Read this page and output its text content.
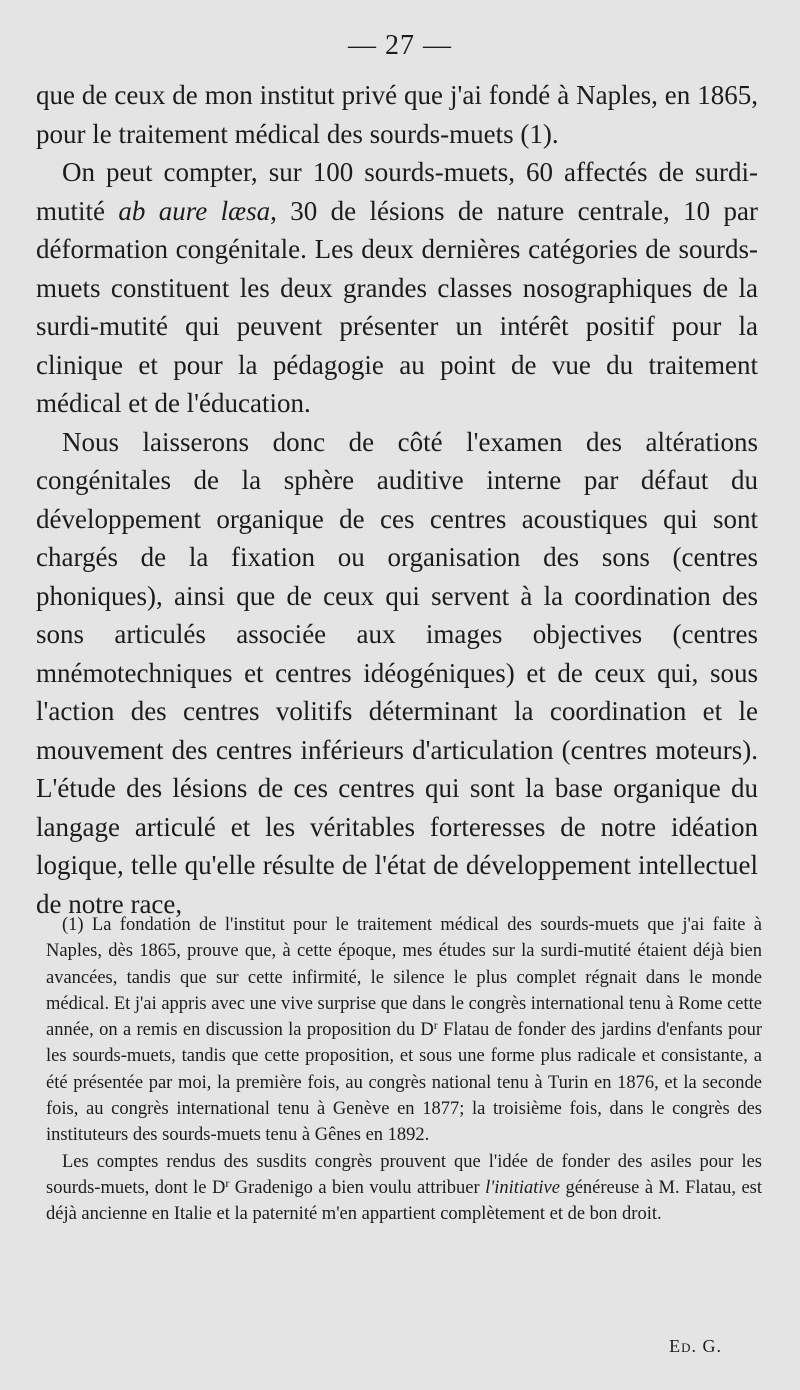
— 27 —

que de ceux de mon institut privé que j'ai fondé à Naples, en 1865, pour le traitement médical des sourds-muets (1).

On peut compter, sur 100 sourds-muets, 60 affectés de surdi-mutité ab aure læsa, 30 de lésions de nature centrale, 10 par déformation congénitale. Les deux dernières catégories de sourds-muets constituent les deux grandes classes nosographiques de la surdi-mutité qui peuvent présenter un intérêt positif pour la clinique et pour la pédagogie au point de vue du traitement médical et de l'éducation.

Nous laisserons donc de côté l'examen des altérations congénitales de la sphère auditive interne par défaut du développement organique de ces centres acoustiques qui sont chargés de la fixation ou organisation des sons (centres phoniques), ainsi que de ceux qui servent à la coordination des sons articulés associée aux images objectives (centres mnémotechniques et centres idéogéniques) et de ceux qui, sous l'action des centres volitifs déterminant la coordination et le mouvement des centres inférieurs d'articulation (centres moteurs). L'étude des lésions de ces centres qui sont la base organique du langage articulé et les véritables forteresses de notre idéation logique, telle qu'elle résulte de l'état de développement intellectuel de notre race,

(1) La fondation de l'institut pour le traitement médical des sourds-muets que j'ai faite à Naples, dès 1865, prouve que, à cette époque, mes études sur la surdi-mutité étaient déjà bien avancées, tandis que sur cette infirmité, le silence le plus complet régnait dans le monde médical. Et j'ai appris avec une vive surprise que dans le congrès international tenu à Rome cette année, on a remis en discussion la proposition du $D^r$ Flatau de fonder des jardins d'enfants pour les sourds-muets, tandis que cette proposition, et sous une forme plus radicale et consistante, a été présentée par moi, la première fois, au congrès national tenu à Turin en 1876, et la seconde fois, au congrès international tenu à Genève en 1877; la troisième fois, dans le congrès des instituteurs des sourds-muets tenu à Gênes en 1892.

Les comptes rendus des susdits congrès prouvent que l'idée de fonder des asiles pour les sourds-muets, dont le $D^r$ Gradenigo a bien voulu attribuer l'initiative généreuse à M. Flatau, est déjà ancienne en Italie et la paternité m'en appartient complètement et de bon droit.

Ed. G.
